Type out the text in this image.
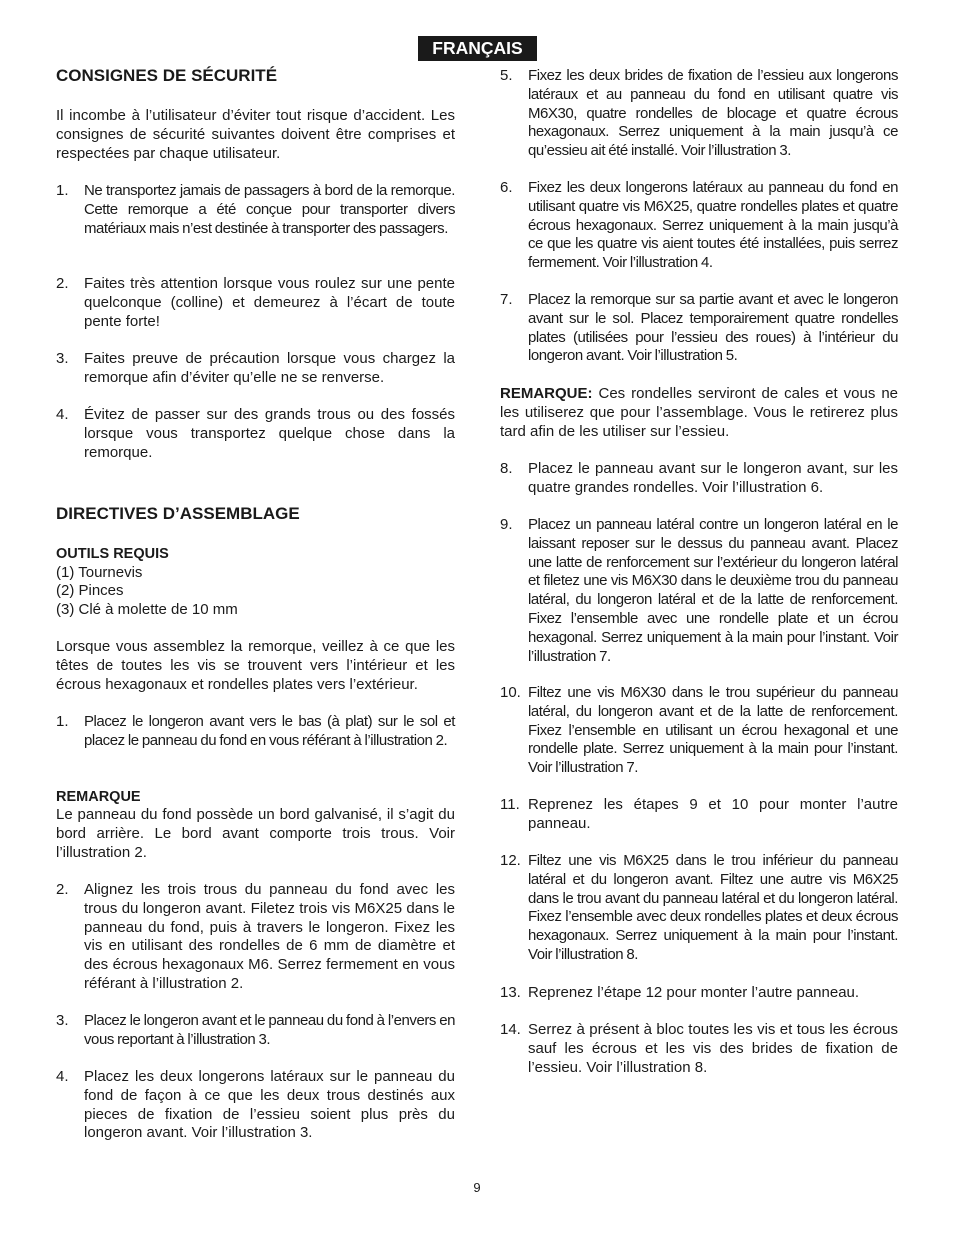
FRANÇAIS
CONSIGNES DE SÉCURITÉ
Il incombe à l’utilisateur d’éviter tout risque d’accident. Les consignes de sécurité suivantes doivent être comprises et respectées par chaque utilisateur.
1.	Ne transportez jamais de passagers à bord de la remorque. Cette remorque a été conçue pour transporter divers matériaux mais n’est destinée à transporter des passagers.
2.	Faites très attention lorsque vous roulez sur une pente quelconque (colline) et demeurez à l’écart de toute pente forte!
3.	Faites preuve de précaution lorsque vous chargez la remorque afin d’éviter qu’elle ne se renverse.
4.	Évitez de passer sur des grands trous ou des fossés lorsque vous transportez quelque chose dans la remorque.
DIRECTIVES D’ASSEMBLAGE
OUTILS REQUIS
(1) Tournevis
(2) Pinces
(3) Clé à molette de 10 mm
Lorsque vous assemblez la remorque, veillez à ce que les têtes de toutes les vis se trouvent vers l’intérieur et les écrous hexagonaux et rondelles plates vers l’extérieur.
1.	Placez le longeron avant vers le bas (à plat) sur le sol et placez le panneau du fond en vous référant à l’illustration 2.
REMARQUE
Le panneau du fond possède un bord galvanisé, il s’agit du bord arrière. Le bord avant comporte trois trous. Voir l’illustration 2.
2.	Alignez les trois trous du panneau du fond avec les trous du longeron avant. Filetez trois vis M6X25 dans le panneau du fond, puis à travers le longeron. Fixez les vis en utilisant des rondelles de 6 mm de diamètre et des écrous hexagonaux M6. Serrez fermement en vous référant à l’illustration 2.
3.	Placez le longeron avant et le panneau du fond à l’envers en vous reportant à l’illustration 3.
4.	Placez les deux longerons latéraux sur le panneau du fond de façon à ce que les deux trous destinés aux pieces de fixation de l’essieu soient plus près du longeron avant. Voir l’illustration 3.
5.	Fixez les deux brides de fixation de l’essieu aux longerons latéraux et au panneau du fond en utilisant quatre vis M6X30, quatre rondelles de blocage et quatre écrous hexagonaux. Serrez uniquement à la main jusqu’à ce qu’essieu ait été installé. Voir l’illustration 3.
6.	Fixez les deux longerons latéraux au panneau du fond en utilisant quatre vis M6X25, quatre rondelles plates et quatre écrous hexagonaux. Serrez uniquement à la main jusqu’à ce que les quatre vis aient toutes été installées, puis serrez fermement. Voir l’illustration 4.
7.	Placez la remorque sur sa partie avant et avec le longeron avant sur le sol. Placez temporairement quatre rondelles plates (utilisées pour l’essieu des roues) à l’intérieur du longeron avant. Voir l’illustration 5.
REMARQUE: Ces rondelles serviront de cales et vous ne les utiliserez que pour l’assemblage. Vous le retirerez plus tard afin de les utiliser sur l’essieu.
8.	Placez le panneau avant sur le longeron avant, sur les quatre grandes rondelles. Voir l’illustration 6.
9.	Placez un panneau latéral contre un longeron latéral en le laissant reposer sur le dessus du panneau avant. Placez une latte de renforcement sur l’extérieur du longeron latéral et filetez une vis M6X30 dans le deuxième trou du panneau latéral, du longeron latéral et de la latte de renforcement. Fixez l’ensemble avec une rondelle plate et un écrou hexagonal. Serrez uniquement à la main pour l’instant. Voir l’illustration 7.
10. Filtez une vis M6X30 dans le trou supérieur du panneau latéral, du longeron avant et de la latte de renforcement. Fixez l’ensemble en utilisant un écrou hexagonal et une rondelle plate. Serrez uniquement à la main pour l’instant. Voir l’illustration 7.
11. Reprenez les étapes 9 et 10 pour monter l’autre panneau.
12. Filtez une vis M6X25 dans le trou inférieur du panneau latéral et du longeron avant. Filtez une autre vis M6X25 dans le trou avant du panneau latéral et du longeron latéral. Fixez l’ensemble avec deux rondelles plates et deux écrous hexagonaux. Serrez uniquement à la main pour l’instant. Voir l’illustration 8.
13. Reprenez l’étape 12 pour monter l’autre panneau.
14. Serrez à présent à bloc toutes les vis et tous les écrous sauf les écrous et les vis des brides de fixation de l’essieu. Voir l’illustration 8.
9
